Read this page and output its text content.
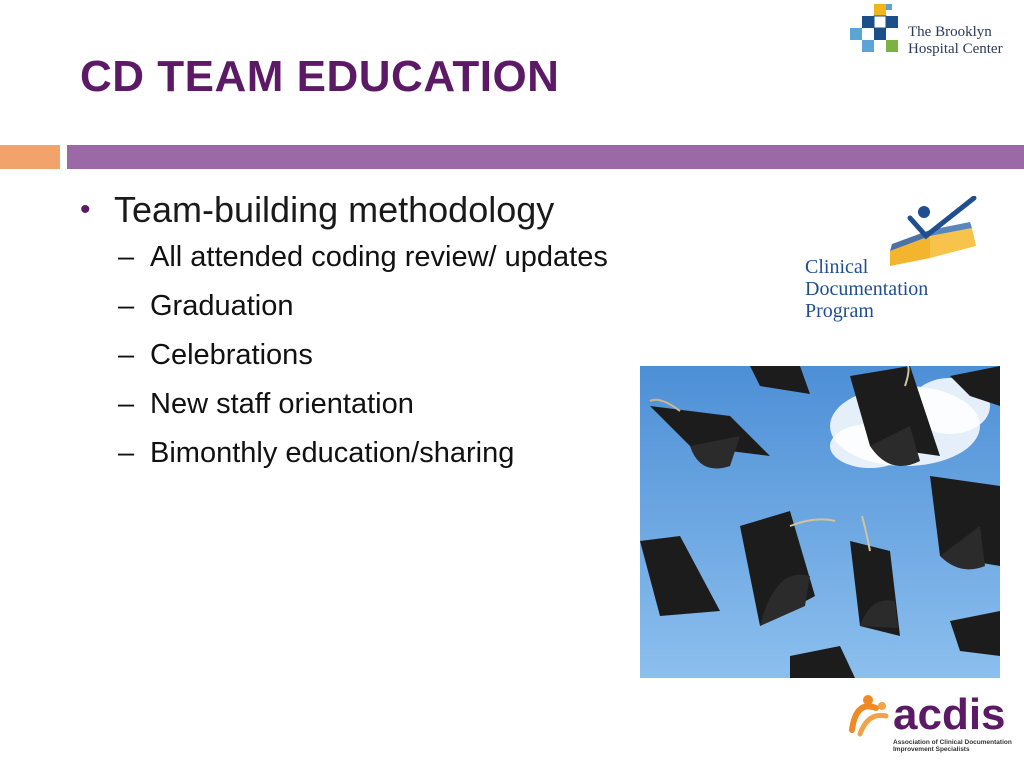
The Brooklyn
Hospital Center
CD TEAM EDUCATION
• Team-building methodology
– All attended coding review/ updates
– Graduation
– Celebrations
– New staff orientation
– Bimonthly education/sharing
Clinical
Documentation
Program
acdis
Association of Clinical Documentation Improvement Specialists
